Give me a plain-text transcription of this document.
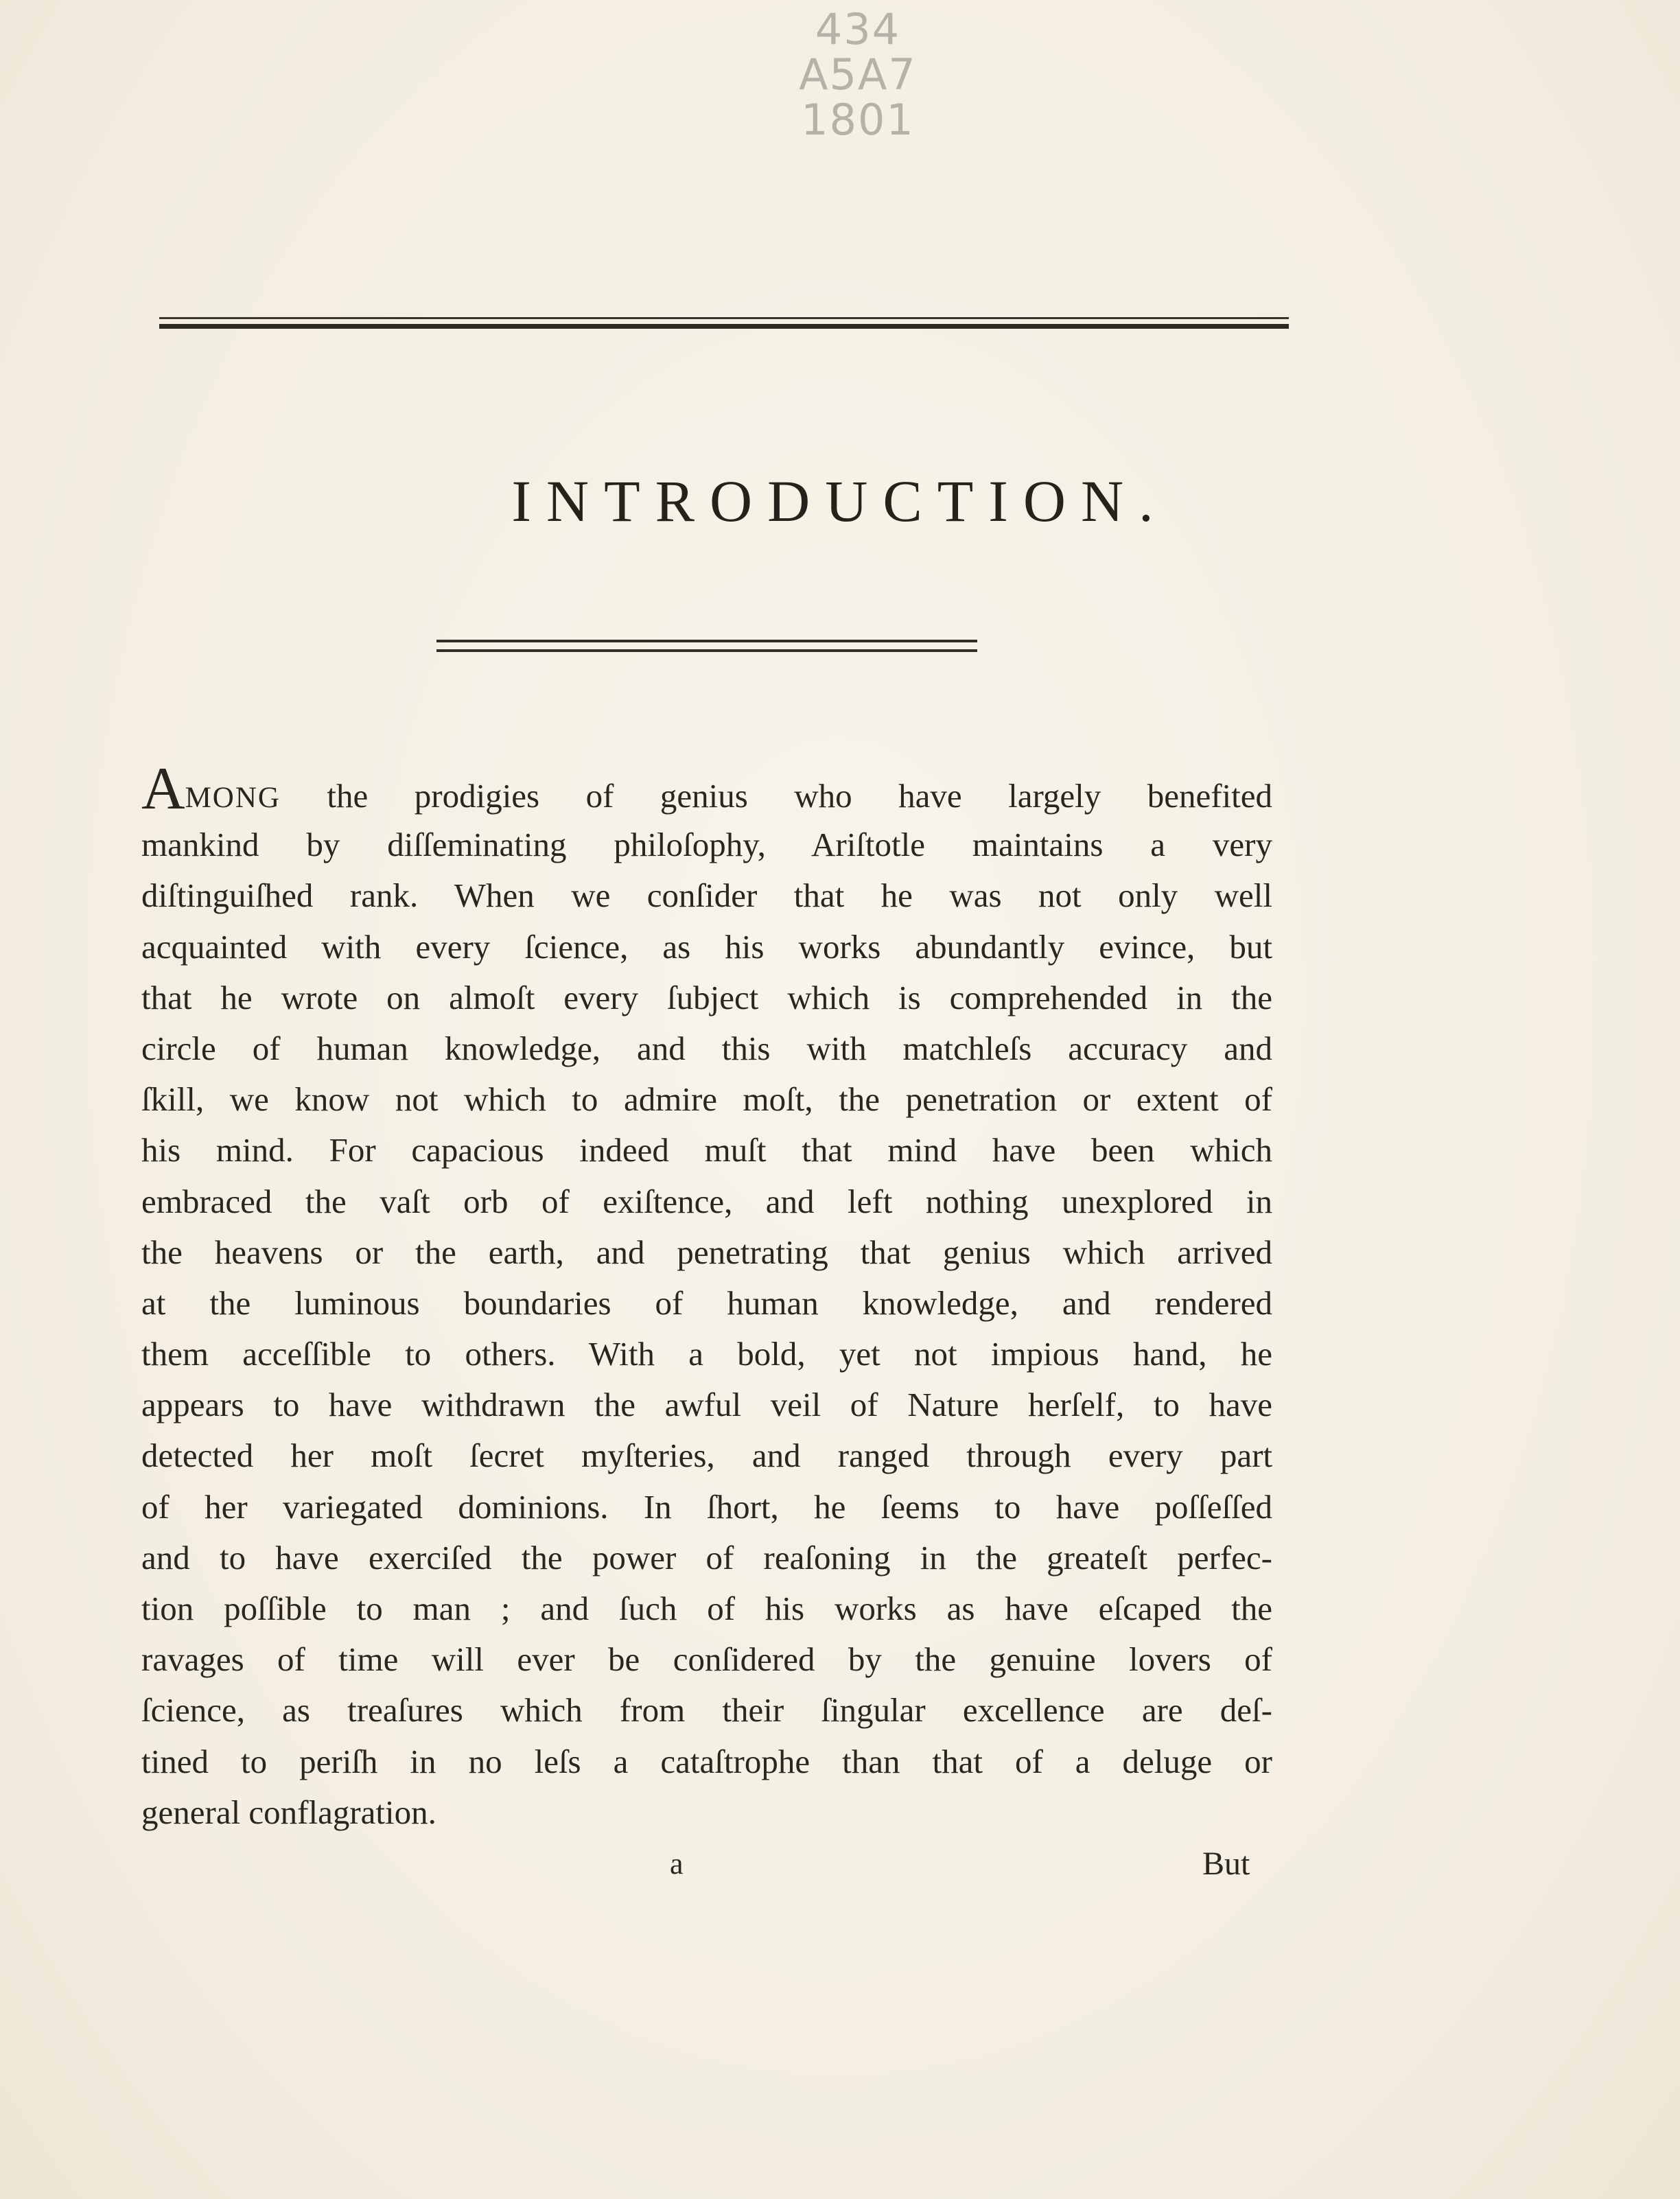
434
A5A7
1801
INTRODUCTION.
AMONG the prodigies of genius who have largely benefited
mankind by diſſeminating philoſophy, Ariſtotle maintains a very
diſtinguiſhed rank. When we conſider that he was not only well
acquainted with every ſcience, as his works abundantly evince, but
that he wrote on almoſt every ſubject which is comprehended in the
circle of human knowledge, and this with matchleſs accuracy and
ſkill, we know not which to admire moſt, the penetration or extent of
his mind. For capacious indeed muſt that mind have been which
embraced the vaſt orb of exiſtence, and left nothing unexplored in
the heavens or the earth, and penetrating that genius which arrived
at the luminous boundaries of human knowledge, and rendered
them acceſſible to others. With a bold, yet not impious hand, he
appears to have withdrawn the awful veil of Nature herſelf, to have
detected her moſt ſecret myſteries, and ranged through every part
of her variegated dominions. In ſhort, he ſeems to have poſſeſſed
and to have exerciſed the power of reaſoning in the greateſt perfec-
tion poſſible to man ; and ſuch of his works as have eſcaped the
ravages of time will ever be conſidered by the genuine lovers of
ſcience, as treaſures which from their ſingular excellence are deſ-
tined to periſh in no leſs a cataſtrophe than that of a deluge or
general conflagration.
a	But
